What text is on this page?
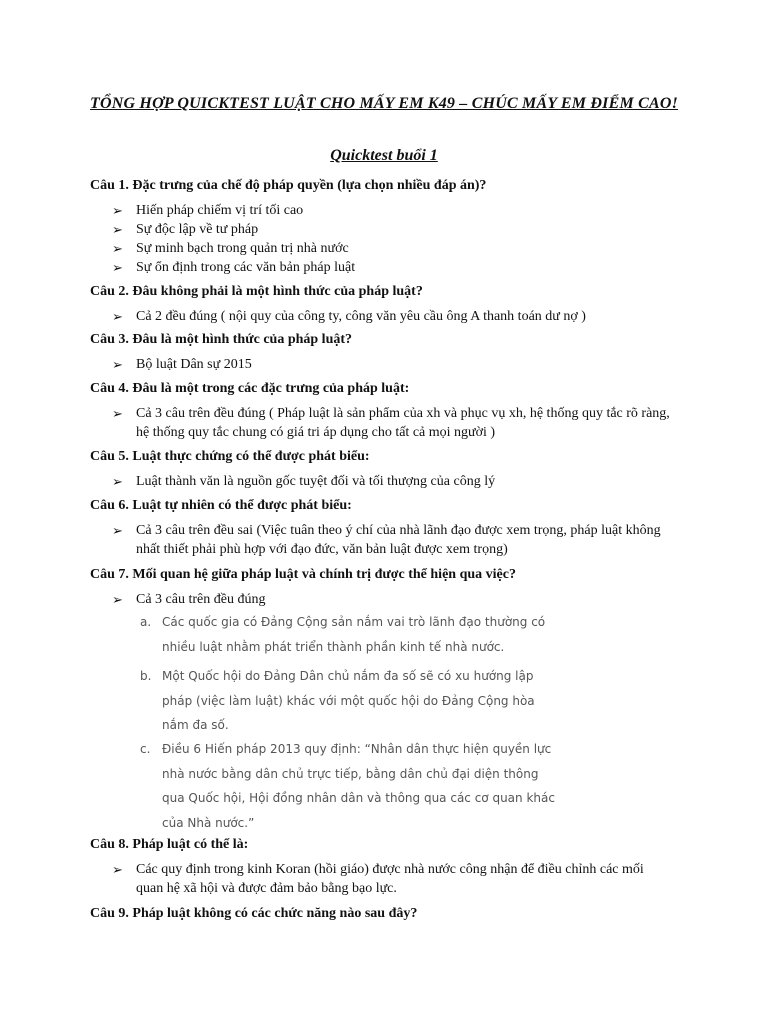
TỔNG HỢP QUICKTEST LUẬT CHO MẤY EM K49 – CHÚC MẤY EM ĐIỂM CAO!

Quicktest buổi 1

Câu 1. Đặc trưng của chế độ pháp quyền (lựa chọn nhiều đáp án)?

➢ Hiến pháp chiếm vị trí tối cao
➢ Sự độc lập về tư pháp
➢ Sự minh bạch trong quản trị nhà nước
➢ Sự ổn định trong các văn bản pháp luật

Câu 2. Đâu không phải là một hình thức của pháp luật?

➢ Cả 2 đều đúng ( nội quy của công ty, công văn yêu cầu ông A thanh toán dư nợ )

Câu 3. Đâu là một hình thức của pháp luật?

➢ Bộ luật Dân sự 2015

Câu 4. Đâu là một trong các đặc trưng của pháp luật:

➢ Cả 3 câu trên đều đúng ( Pháp luật là sản phẩm của xh và phục vụ xh, hệ thống quy tắc rõ ràng, hệ thống quy tắc chung có giá tri áp dụng cho tất cả mọi người )

Câu 5. Luật thực chứng có thể được phát biểu:

➢ Luật thành văn là nguồn gốc tuyệt đối và tối thượng của công lý

Câu 6. Luật tự nhiên có thể được phát biểu:

➢ Cả 3 câu trên đều sai (Việc tuân theo ý chí của nhà lãnh đạo được xem trọng, pháp luật không nhất thiết phải phù hợp với đạo đức, văn bản luật được xem trọng)

Câu 7. Mối quan hệ giữa pháp luật và chính trị được thể hiện qua việc?

➢ Cả 3 câu trên đều đúng
a. Các quốc gia có Đảng Cộng sản nắm vai trò lãnh đạo thường có nhiều luật nhằm phát triển thành phần kinh tế nhà nước.
b. Một Quốc hội do Đảng Dân chủ nắm đa số sẽ có xu hướng lập pháp (việc làm luật) khác với một quốc hội do Đảng Cộng hòa nắm đa số.
c. Điều 6 Hiến pháp 2013 quy định: “Nhân dân thực hiện quyền lực nhà nước bằng dân chủ trực tiếp, bằng dân chủ đại diện thông qua Quốc hội, Hội đồng nhân dân và thông qua các cơ quan khác của Nhà nước.”

Câu 8. Pháp luật có thể là:

➢ Các quy định trong kinh Koran (hồi giáo) được nhà nước công nhận để điều chỉnh các mối quan hệ xã hội và được đảm bảo bằng bạo lực.

Câu 9. Pháp luật không có các chức năng nào sau đây?
